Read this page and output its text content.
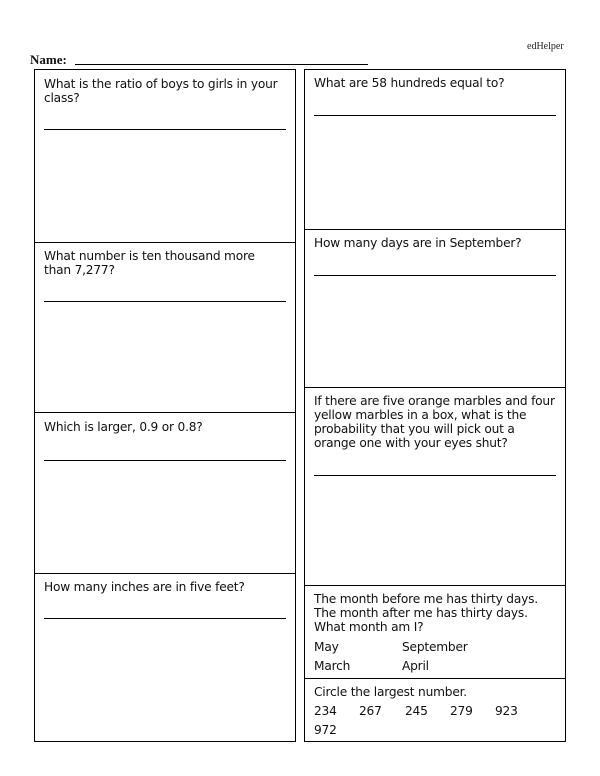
edHelper
Name:

What is the ratio of boys to girls in your class?

What number is ten thousand more than 7,277?

Which is larger, 0.9 or 0.8?

How many inches are in five feet?

What are 58 hundreds equal to?

How many days are in September?

If there are five orange marbles and four yellow marbles in a box, what is the probability that you will pick out a orange one with your eyes shut?

The month before me has thirty days. The month after me has thirty days. What month am I?

May	September
March	April

Circle the largest number.

234 267 245 279 923
972
